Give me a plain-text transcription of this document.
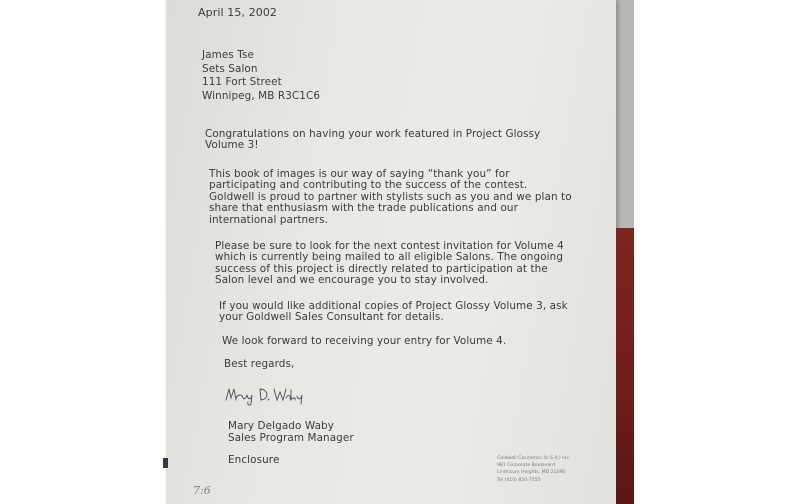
April 15, 2002

James Tse
Sets Salon
111 Fort Street
Winnipeg, MB R3C1C6
Congratulations on having your work featured in Project Glossy
Volume 3!
This book of images is our way of saying “thank you” for
participating and contributing to the success of the contest.
Goldwell is proud to partner with stylists such as you and we plan to
share that enthusiasm with the trade publications and our
international partners.
Please be sure to look for the next contest invitation for Volume 4
which is currently being mailed to all eligible Salons. The ongoing
success of this project is directly related to participation at the
Salon level and we encourage you to stay involved.
If you would like additional copies of Project Glossy Volume 3, ask
your Goldwell Sales Consultant for details.
We look forward to receiving your entry for Volume 4.

Best regards,

Mary Delgado Waby
Sales Program Manager

Enclosure	Goldwell Cosmetics (U.S.A.) Inc.
981 Corporate Boulevard
Linthicum Heights, MD 21090
Tel (410) 850-7555
7:6
